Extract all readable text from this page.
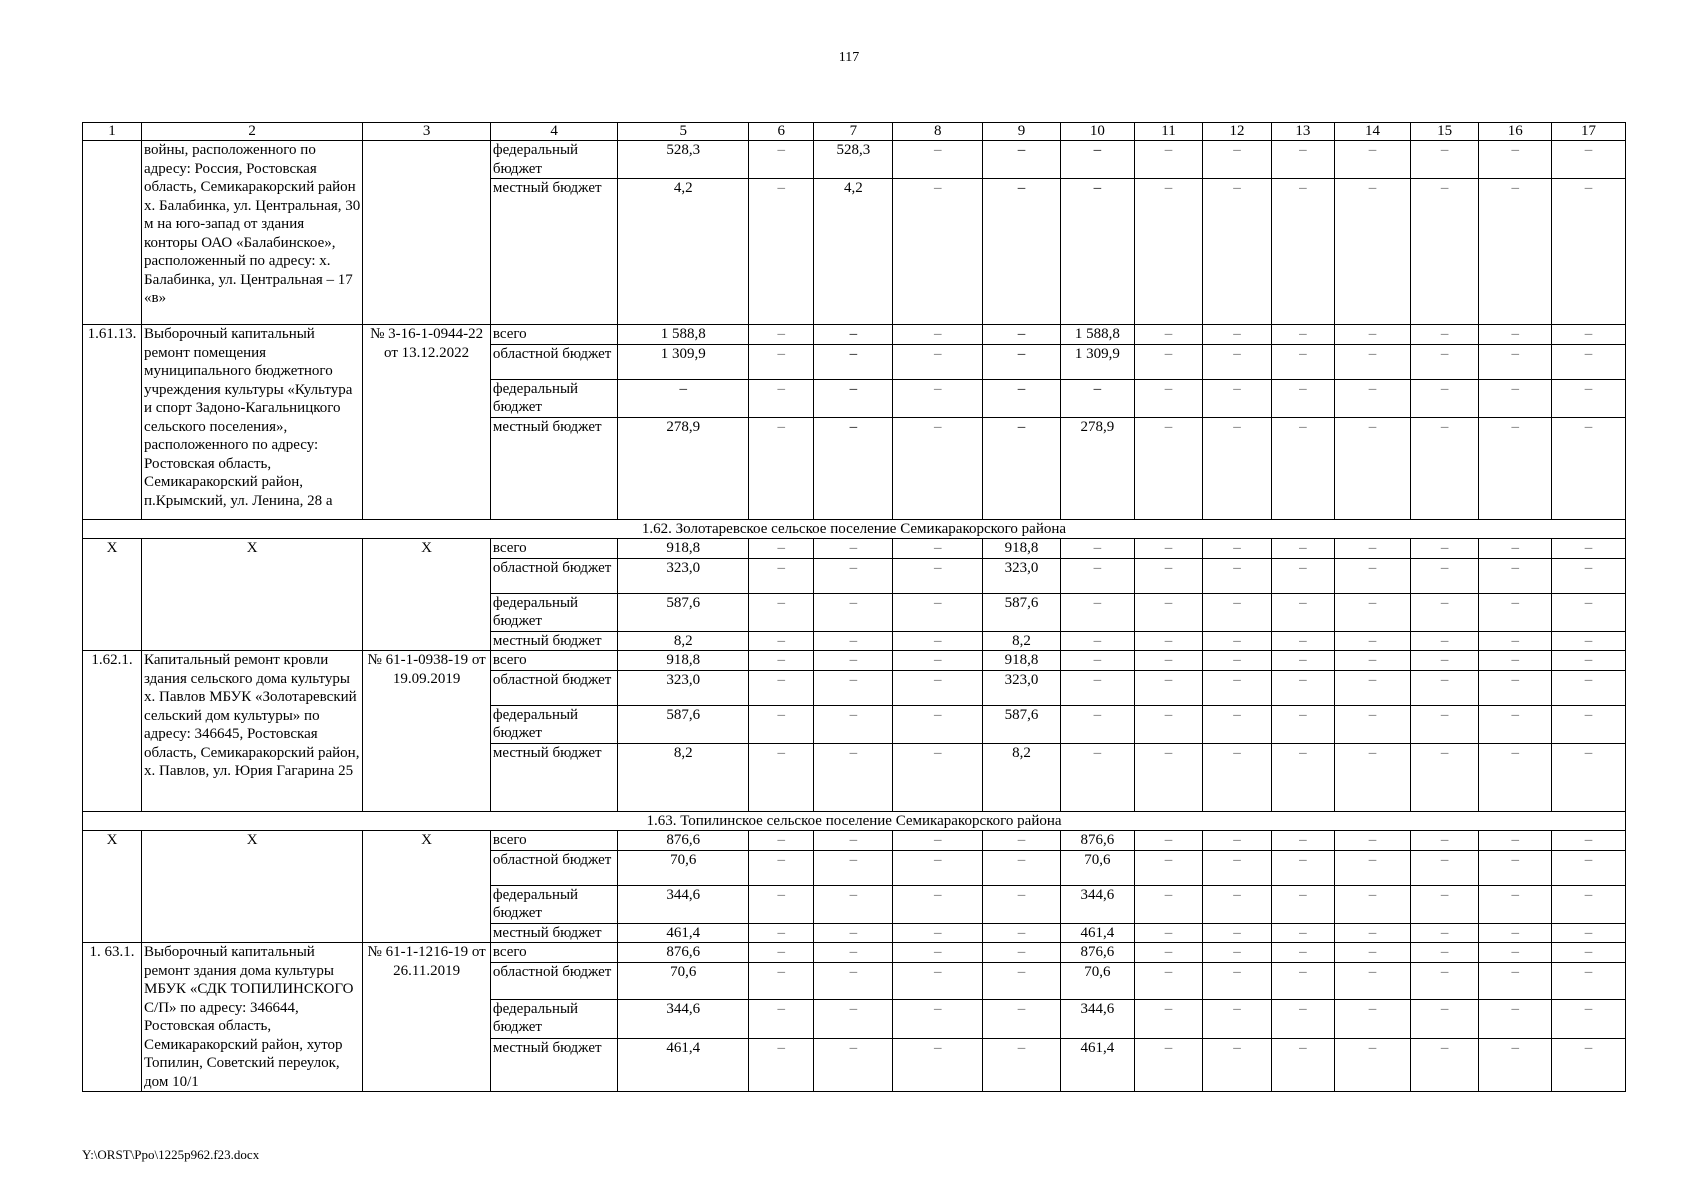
117
1	2	3	4	5	6	7	8	9	10	11	12	13	14	15	16	17
	войны, расположенного по адресу: Россия, Ростовская область, Семикаракорский район х. Балабинка, ул. Центральная, 30 м на юго-запад от здания конторы ОАО «Балабинское», расположенный по адресу: х. Балабинка, ул. Центральная – 17 «в»		федеральный бюджет	528,3	–	528,3	–	–	–	–	–	–	–	–	–	–
			местный бюджет	4,2	–	4,2	–	–	–	–	–	–	–	–	–	–
1.61.13.	Выборочный капитальный ремонт помещения муниципального бюджетного учреждения культуры «Культура и спорт Задоно-Кагальницкого сельского поселения», расположенного по адресу: Ростовская область, Семикаракорский район, п.Крымский, ул. Ленина, 28 а	№ 3-16-1-0944-22 от 13.12.2022	всего	1 588,8	–	–	–	–	1 588,8	–	–	–	–	–	–	–
			областной бюджет	1 309,9	–	–	–	–	1 309,9	–	–	–	–	–	–	–
			федеральный бюджет	–	–	–	–	–	–	–	–	–	–	–	–	–
			местный бюджет	278,9	–	–	–	–	278,9	–	–	–	–	–	–	–
1.62. Золотаревское сельское поселение Семикаракорского района																
Х	Х	Х	всего	918,8	–	–	–	918,8	–	–	–	–	–	–	–	–
			областной бюджет	323,0	–	–	–	323,0	–	–	–	–	–	–	–	–
			федеральный бюджет	587,6	–	–	–	587,6	–	–	–	–	–	–	–	–
			местный бюджет	8,2	–	–	–	8,2	–	–	–	–	–	–	–	–
1.62.1.	Капитальный ремонт кровли здания сельского дома культуры х. Павлов МБУК «Золотаревский сельский дом культуры» по адресу: 346645, Ростовская область, Семикаракорский район, х. Павлов, ул. Юрия Гагарина 25	№ 61-1-0938-19 от 19.09.2019	всего	918,8	–	–	–	918,8	–	–	–	–	–	–	–	–
			областной бюджет	323,0	–	–	–	323,0	–	–	–	–	–	–	–	–
			федеральный бюджет	587,6	–	–	–	587,6	–	–	–	–	–	–	–	–
			местный бюджет	8,2	–	–	–	8,2	–	–	–	–	–	–	–	–
1.63. Топилинское сельское поселение Семикаракорского района																
Х	Х	Х	всего	876,6	–	–	–	–	876,6	–	–	–	–	–	–	–
			областной бюджет	70,6	–	–	–	–	70,6	–	–	–	–	–	–	–
			федеральный бюджет	344,6	–	–	–	–	344,6	–	–	–	–	–	–	–
			местный бюджет	461,4	–	–	–	–	461,4	–	–	–	–	–	–	–
1. 63.1.	Выборочный капитальный ремонт здания дома культуры МБУК «СДК ТОПИЛИНСКОГО С/П» по адресу: 346644, Ростовская область, Семикаракорский район, хутор Топилин, Советский переулок, дом 10/1	№ 61-1-1216-19 от 26.11.2019	всего	876,6	–	–	–	–	876,6	–	–	–	–	–	–	–
			областной бюджет	70,6	–	–	–	–	70,6	–	–	–	–	–	–	–
			федеральный бюджет	344,6	–	–	–	–	344,6	–	–	–	–	–	–	–
			местный бюджет	461,4	–	–	–	–	461,4	–	–	–	–	–	–	–
Y:\ORST\Ppo\1225p962.f23.docx
